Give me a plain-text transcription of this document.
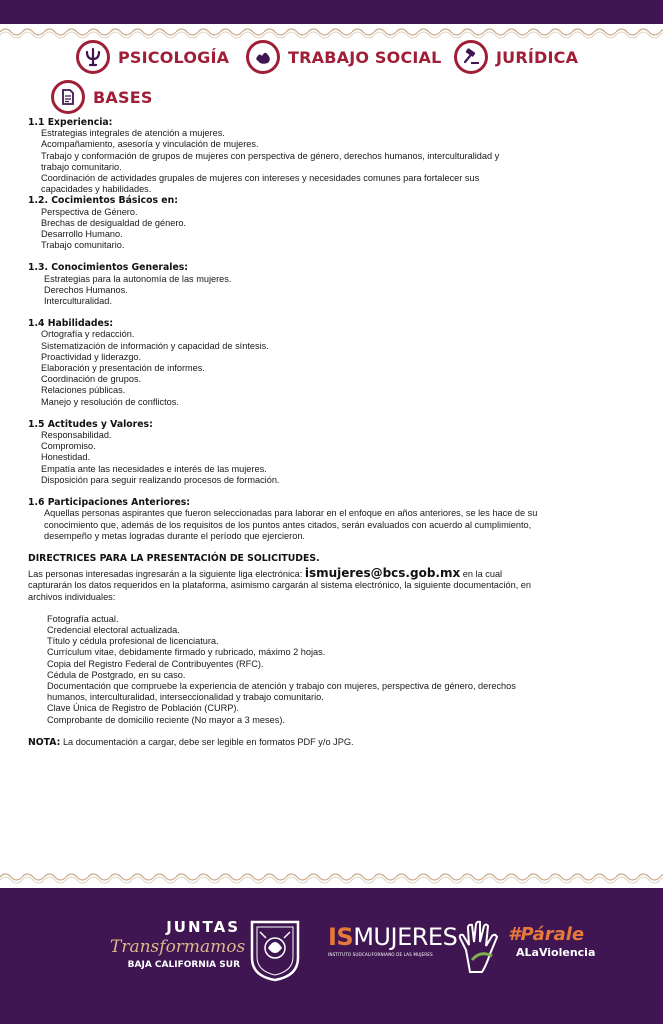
PSICOLOGÍA	TRABAJO SOCIAL	JURÍDICA
BASES
1.1 Experiencia:
Estrategias integrales de atención a mujeres.
Acompañamiento, asesoría y vinculación de mujeres.
Trabajo y conformación de grupos de mujeres con perspectiva de género, derechos humanos, interculturalidad y
trabajo comunitario.
Coordinación de actividades grupales de mujeres con intereses y necesidades comunes para fortalecer sus
capacidades y habilidades.
1.2. Cocimientos Básicos en:
Perspectiva de Género.
Brechas de desigualdad de género.
Desarrollo Humano.
Trabajo comunitario.
1.3. Conocimientos Generales:
Estrategias para la autonomía de las mujeres.
Derechos Humanos.
Interculturalidad.
1.4 Habilidades:
Ortografía y redacción.
Sistematización de información y capacidad de síntesis.
Proactividad y liderazgo.
Elaboración y presentación de informes.
Coordinación de grupos.
Relaciones públicas.
Manejo y resolución de conflictos.
1.5 Actitudes y Valores:
Responsabilidad.
Compromiso.
Honestidad.
Empatía ante las necesidades e interés de las mujeres.
Disposición para seguir realizando procesos de formación.
1.6 Participaciones Anteriores:
Aquellas personas aspirantes que fueron seleccionadas para laborar en el enfoque en años anteriores, se les hace de su
conocimiento que, además de los requisitos de los puntos antes citados, serán evaluados con acuerdo al cumplimiento,
desempeño y metas logradas durante el período que ejercieron.
DIRECTRICES PARA LA PRESENTACIÓN DE SOLICITUDES.
Las personas interesadas ingresarán a la siguiente liga electrónica: ismujeres@bcs.gob.mx en la cual
capturarán los datos requeridos en la plataforma, asimismo cargarán al sistema electrónico, la siguiente documentación, en
archivos individuales:
Fotografía actual.
Credencial electoral actualizada.
Título y cédula profesional de licenciatura.
Currículum vitae, debidamente firmado y rubricado, máximo 2 hojas.
Copia del Registro Federal de Contribuyentes (RFC).
Cédula de Postgrado, en su caso.
Documentación que compruebe la experiencia de atención y trabajo con mujeres, perspectiva de género, derechos
humanos, interculturalidad, interseccionalidad y trabajo comunitario.
Clave Única de Registro de Población (CURP).
Comprobante de domicilio reciente (No mayor a 3 meses).
NOTA: La documentación a cargar, debe ser legible en formatos PDF y/o JPG.
JUNTAS
Transformamos
BAJA CALIFORNIA SUR
ISMUJERES
INSTITUTO SUDCALIFORNIANO DE LAS MUJERES
#Párale
ALaViolencia
